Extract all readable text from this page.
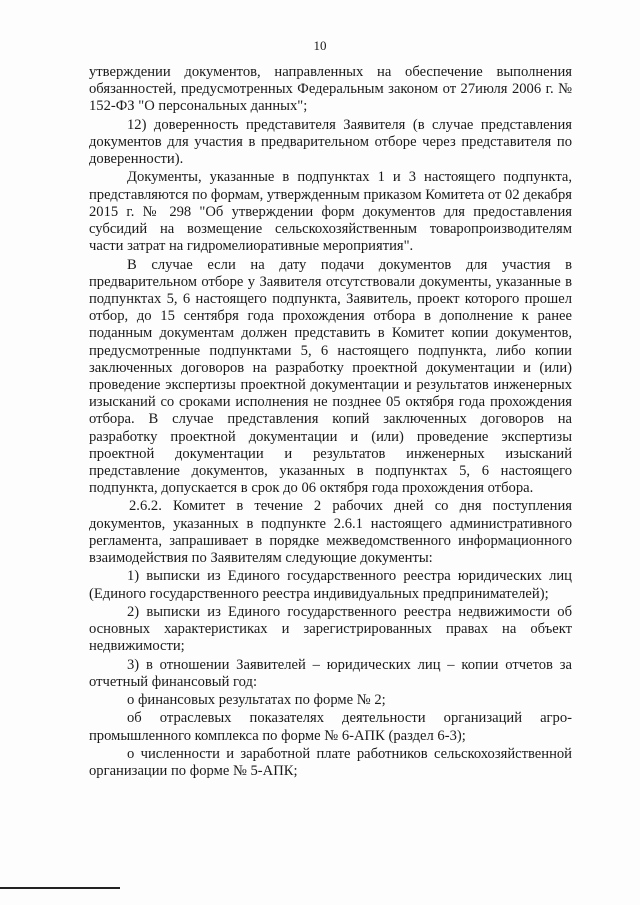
10

утверждении документов, направленных на обеспечение выполнения обязанностей, предусмотренных Федеральным законом от 27июля 2006 г. № 152-ФЗ "О персональных данных";

12) доверенность представителя Заявителя (в случае представления документов для участия в предварительном отборе через представителя по доверенности).

Документы, указанные в подпунктах 1 и 3 настоящего подпункта, представляются по формам, утвержденным приказом Комитета от 02 декабря 2015 г. № 298 "Об утверждении форм документов для предоставления субсидий на возмещение сельскохозяйственным товаропроизводителям части затрат на гидромелиоративные мероприятия".

В случае если на дату подачи документов для участия в предварительном отборе у Заявителя отсутствовали документы, указанные в подпунктах 5, 6 настоящего подпункта, Заявитель, проект которого прошел отбор, до 15 сентября года прохождения отбора в дополнение к ранее поданным документам должен представить в Комитет копии документов, предусмотренные подпунктами 5, 6 настоящего подпункта, либо копии заключенных договоров на разработку проектной документации и (или) проведение экспертизы проектной документации и результатов инженерных изысканий со сроками исполнения не позднее 05 октября года прохождения отбора. В случае представления копий заключенных договоров на разработку проектной документации и (или) проведение экспертизы проектной документации и результатов инженерных изысканий представление документов, указанных в подпунктах 5, 6 настоящего подпункта, допускается в срок до 06 октября года прохождения отбора.

2.6.2. Комитет в течение 2 рабочих дней со дня поступления документов, указанных в подпункте 2.6.1 настоящего административного регламента, запрашивает в порядке межведомственного информационного взаимодействия по Заявителям следующие документы:

1) выписки из Единого государственного реестра юридических лиц (Единого государственного реестра индивидуальных предпринимателей);

2) выписки из Единого государственного реестра недвижимости об основных характеристиках и зарегистрированных правах на объект недвижимости;

3) в отношении Заявителей – юридических лиц – копии отчетов за отчетный финансовый год:

о финансовых результатах по форме № 2;

об отраслевых показателях деятельности организаций агро-промышленного комплекса по форме № 6-АПК (раздел 6-3);

о численности и заработной плате работников сельскохозяйственной организации по форме № 5-АПК;
